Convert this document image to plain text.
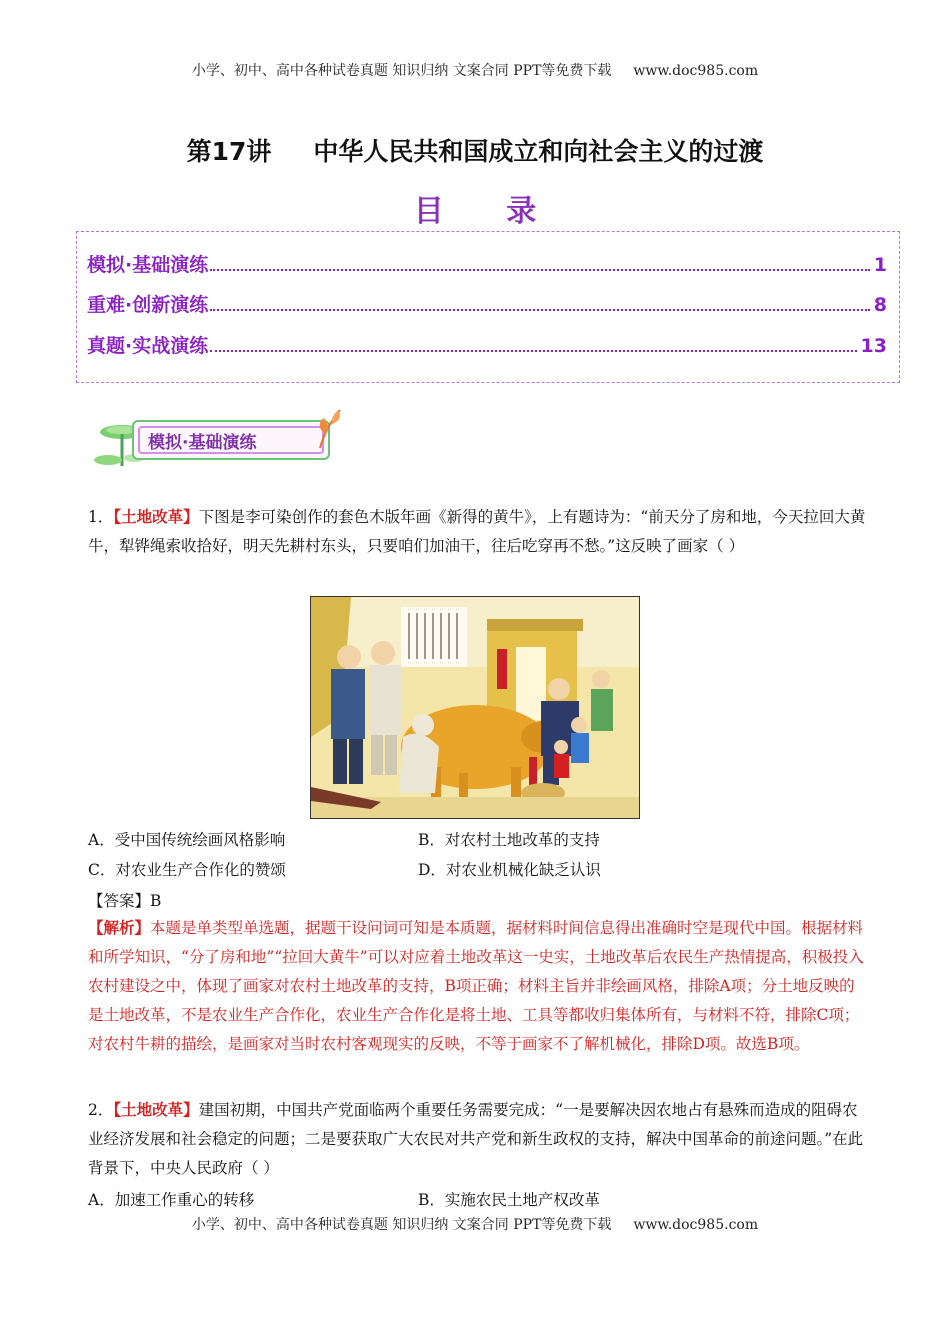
小学、初中、高中各种试卷真题 知识归纳 文案合同 PPT等免费下载 www.doc985.com
第17讲 中华人民共和国成立和向社会主义的过渡
目 录
模拟·基础演练	1
重难·创新演练	8
真题·实战演练	13
模拟·基础演练
1．【土地改革】下图是李可染创作的套色木版年画《新得的黄牛》，上有题诗为：“前天分了房和地，今天拉回大黄牛，犁铧绳索收拾好，明天先耕村东头，只要咱们加油干，往后吃穿再不愁。”这反映了画家（ ）
A．受中国传统绘画风格影响	B．对农村土地改革的支持
C．对农业生产合作化的赞颂	D．对农业机械化缺乏认识
【答案】B
【解析】本题是单类型单选题，据题干设问词可知是本质题，据材料时间信息得出准确时空是现代中国。根据材料和所学知识，“分了房和地”“拉回大黄牛”可以对应着土地改革这一史实，土地改革后农民生产热情提高，积极投入农村建设之中，体现了画家对农村土地改革的支持，B项正确；材料主旨并非绘画风格，排除A项；分土地反映的是土地改革，不是农业生产合作化，农业生产合作化是将土地、工具等都收归集体所有，与材料不符，排除C项；对农村牛耕的描绘，是画家对当时农村客观现实的反映，不等于画家不了解机械化，排除D项。故选B项。
2．【土地改革】建国初期，中国共产党面临两个重要任务需要完成：“一是要解决因农地占有悬殊而造成的阻碍农业经济发展和社会稳定的问题；二是要获取广大农民对共产党和新生政权的支持，解决中国革命的前途问题。”在此背景下，中央人民政府（ ）
A．加速工作重心的转移	B．实施农民土地产权改革
小学、初中、高中各种试卷真题 知识归纳 文案合同 PPT等免费下载 www.doc985.com
